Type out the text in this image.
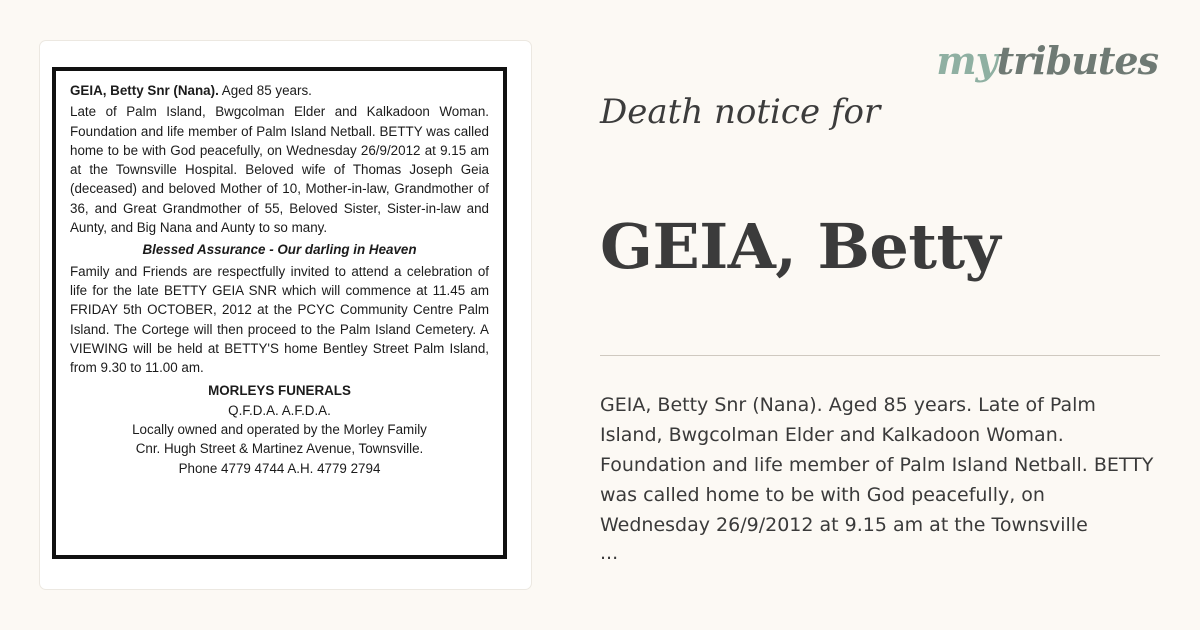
GEIA, Betty Snr (Nana). Aged 85 years.

Late of Palm Island, Bwgcolman Elder and Kalkadoon Woman. Foundation and life member of Palm Island Netball. BETTY was called home to be with God peacefully, on Wednesday 26/9/2012 at 9.15 am at the Townsville Hospital. Beloved wife of Thomas Joseph Geia (deceased) and beloved Mother of 10, Mother-in-law, Grandmother of 36, and Great Grandmother of 55, Beloved Sister, Sister-in-law and Aunty, and Big Nana and Aunty to so many.

Blessed Assurance - Our darling in Heaven

Family and Friends are respectfully invited to attend a celebration of life for the late BETTY GEIA SNR which will commence at 11.45 am FRIDAY 5th OCTOBER, 2012 at the PCYC Community Centre Palm Island. The Cortege will then proceed to the Palm Island Cemetery. A VIEWING will be held at BETTY'S home Bentley Street Palm Island, from 9.30 to 11.00 am.

MORLEYS FUNERALS

Q.F.D.A. A.F.D.A.

Locally owned and operated by the Morley Family

Cnr. Hugh Street & Martinez Avenue, Townsville.

Phone 4779 4744 A.H. 4779 2794

mytributes
Death notice for
GEIA, Betty
GEIA, Betty Snr (Nana). Aged 85 years. Late of Palm Island, Bwgcolman Elder and Kalkadoon Woman. Foundation and life member of Palm Island Netball. BETTY was called home to be with God peacefully, on Wednesday 26/9/2012 at 9.15 am at the Townsville
...
